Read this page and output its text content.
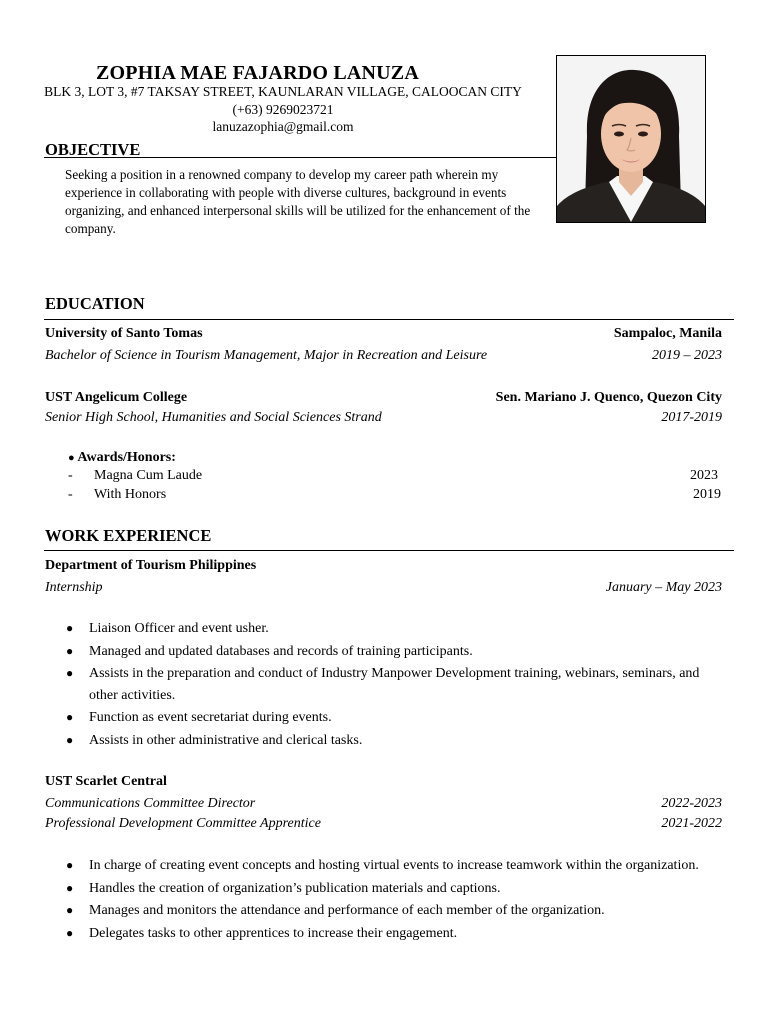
ZOPHIA MAE FAJARDO LANUZA
BLK 3, LOT 3, #7 TAKSAY STREET, KAUNLARAN VILLAGE, CALOOCAN CITY
(+63) 9269023721
lanuzazophia@gmail.com
OBJECTIVE
Seeking a position in a renowned company to develop my career path wherein my experience in collaborating with people with diverse cultures, background in events organizing, and enhanced interpersonal skills will be utilized for the enhancement of the company.
EDUCATION
University of Santo Tomas	Sampaloc, Manila
Bachelor of Science in Tourism Management, Major in Recreation and Leisure	2019 – 2023
UST Angelicum College	Sen. Mariano J. Quenco, Quezon City
Senior High School, Humanities and Social Sciences Strand	2017-2019
● Awards/Honors:
- Magna Cum Laude	2023
- With Honors	2019
WORK EXPERIENCE
Department of Tourism Philippines
Internship	January – May 2023
● Liaison Officer and event usher.
● Managed and updated databases and records of training participants.
● Assists in the preparation and conduct of Industry Manpower Development training, webinars, seminars, and other activities.
● Function as event secretariat during events.
● Assists in other administrative and clerical tasks.
UST Scarlet Central
Communications Committee Director	2022-2023
Professional Development Committee Apprentice	2021-2022
● In charge of creating event concepts and hosting virtual events to increase teamwork within the organization.
● Handles the creation of organization’s publication materials and captions.
● Manages and monitors the attendance and performance of each member of the organization.
● Delegates tasks to other apprentices to increase their engagement.
